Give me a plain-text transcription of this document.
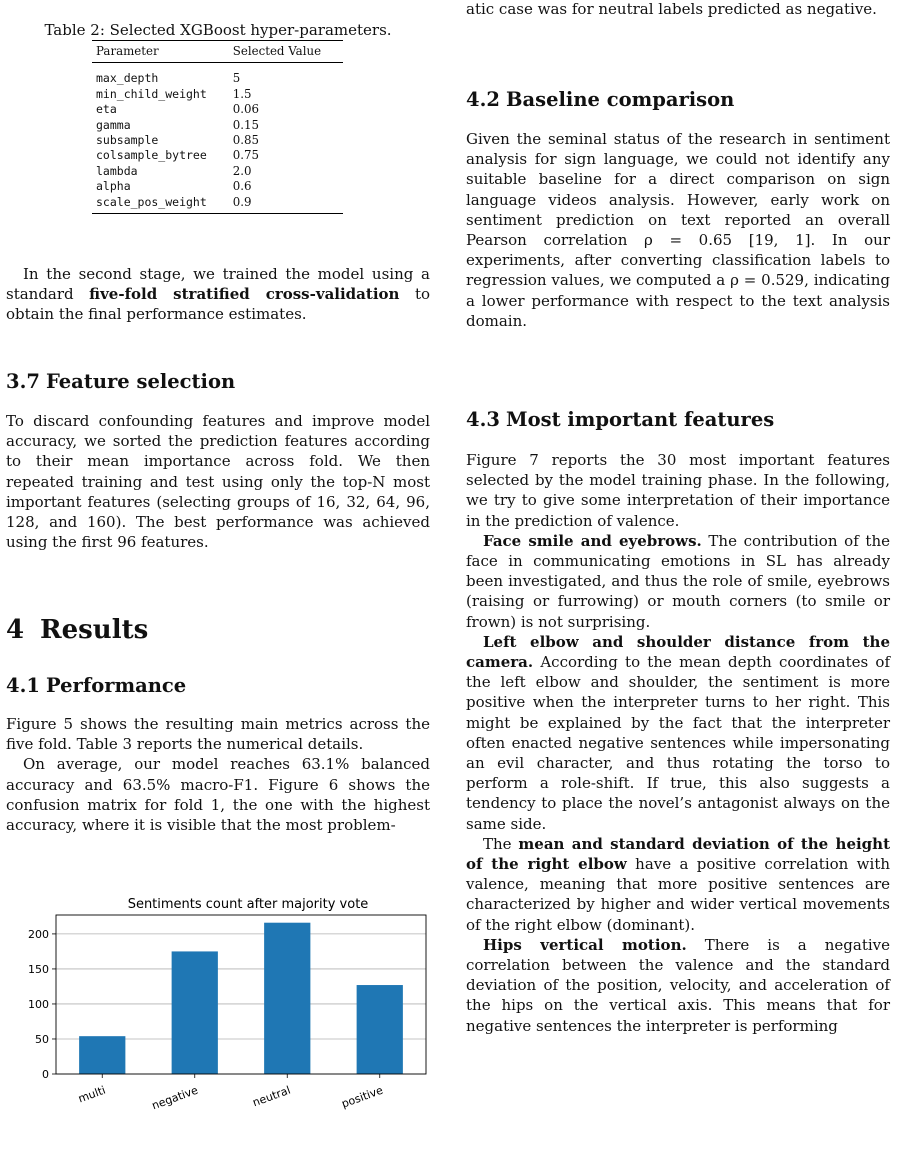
Table 2: Selected XGBoost hyper-parameters.
Parameter	Selected Value
max_depth	5
min_child_weight	1.5
eta	0.06
gamma	0.15
subsample	0.85
colsample_bytree	0.75
lambda	2.0
alpha	0.6
scale_pos_weight	0.9

In the second stage, we trained the model using a standard five-fold stratified cross-validation to obtain the final performance estimates.

3.7 Feature selection

To discard confounding features and improve model accuracy, we sorted the prediction features according to their mean importance across fold. We then repeated training and test using only the top-N most important features (selecting groups of 16, 32, 64, 96, 128, and 160). The best performance was achieved using the first 96 features.

4 Results
4.1 Performance

Figure 5 shows the resulting main metrics across the five fold. Table 3 reports the numerical details.

On average, our model reaches 63.1% balanced accuracy and 63.5% macro-F1. Figure 6 shows the confusion matrix for fold 1, the one with the highest accuracy, where it is visible that the most problem-

Sentiments count after majority vote
0
50
100
150
200
multi	negative	neutral	positive

atic case was for neutral labels predicted as negative.

4.2 Baseline comparison

Given the seminal status of the research in sentiment analysis for sign language, we could not identify any suitable baseline for a direct comparison on sign language videos analysis. However, early work on sentiment prediction on text reported an overall Pearson correlation ρ = 0.65 [19, 1]. In our experiments, after converting classification labels to regression values, we computed a ρ = 0.529, indicating a lower performance with respect to the text analysis domain.

4.3 Most important features

Figure 7 reports the 30 most important features selected by the model training phase. In the following, we try to give some interpretation of their importance in the prediction of valence.

Face smile and eyebrows. The contribution of the face in communicating emotions in SL has already been investigated, and thus the role of smile, eyebrows (raising or furrowing) or mouth corners (to smile or frown) is not surprising.

Left elbow and shoulder distance from the camera. According to the mean depth coordinates of the left elbow and shoulder, the sentiment is more positive when the interpreter turns to her right. This might be explained by the fact that the interpreter often enacted negative sentences while impersonating an evil character, and thus rotating the torso to perform a role-shift. If true, this also suggests a tendency to place the novel’s antagonist always on the same side.

The mean and standard deviation of the height of the right elbow have a positive correlation with valence, meaning that more positive sentences are characterized by higher and wider vertical movements of the right elbow (dominant).

Hips vertical motion. There is a negative correlation between the valence and the standard deviation of the position, velocity, and acceleration of the hips on the vertical axis. This means that for negative sentences the interpreter is performing
